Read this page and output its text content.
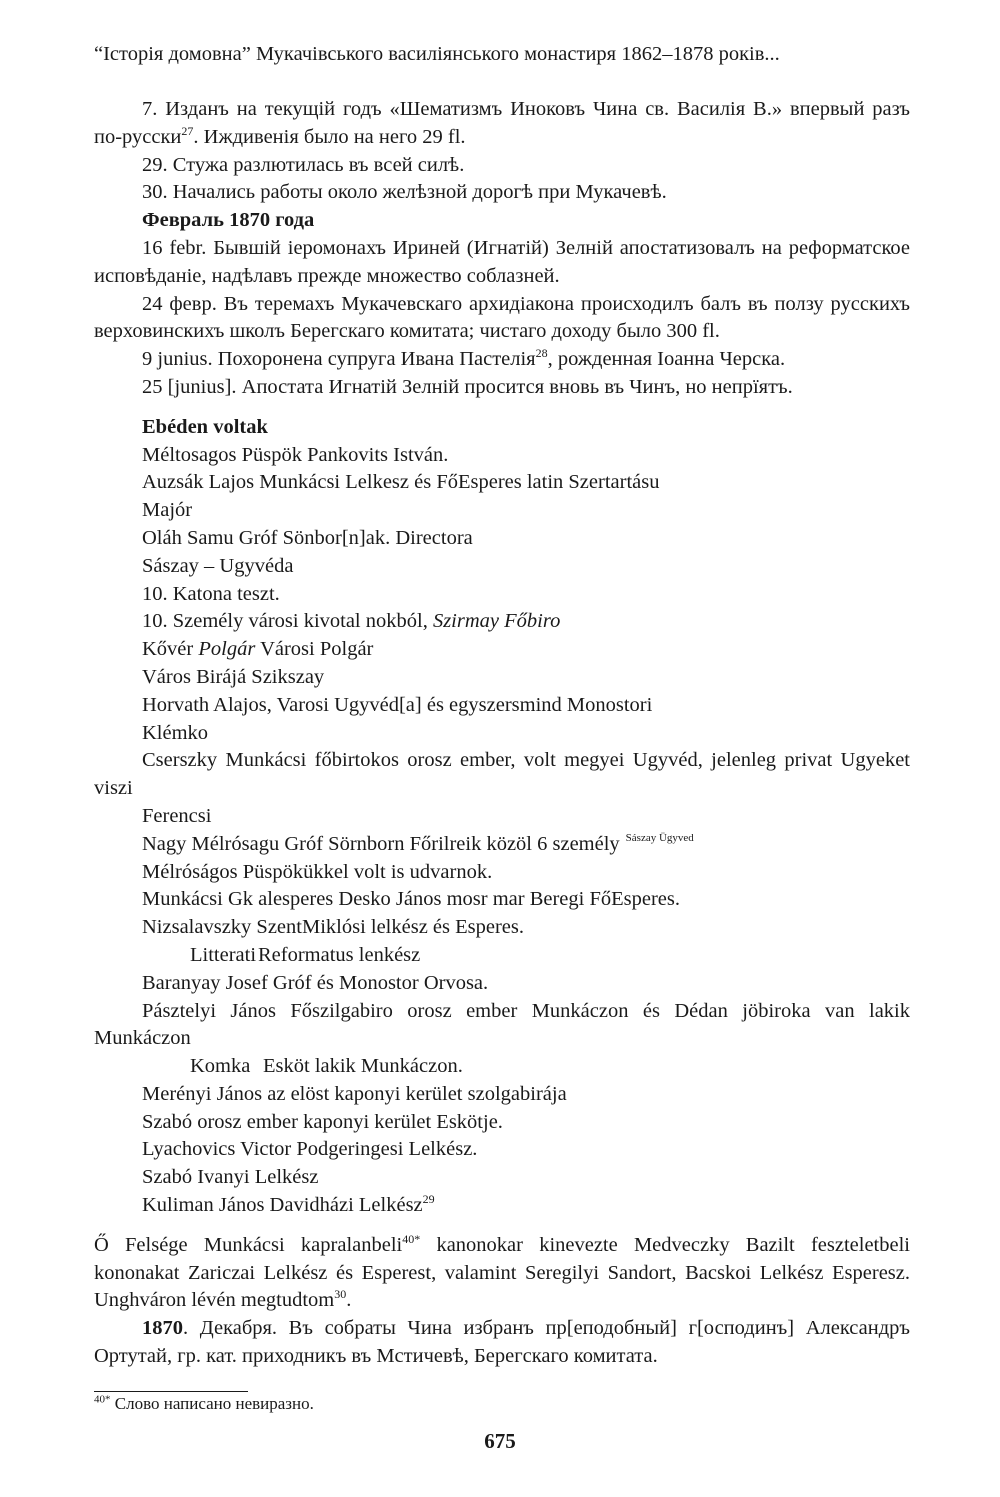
“Історія домовна” Мукачівського василіянського монастиря 1862–1878 років...

7. Изданъ на текущій годъ «Шематизмъ Иноковъ Чина св. Василія В.» впервый разъ по-русски$^{27}$. Иждивенія было на него 29 fl.

29. Стужа разлютилась въ всей силѣ.

30. Начались работы около желѣзной дорогѣ при Мукачевѣ.

Февраль 1870 года

16 febr. Бывшій іеромонахъ Ириней (Игнатій) Зелній апостатизовалъ на реформатское исповѣданіе, надѣлавъ прежде множество соблазней.

24 февр. Въ теремахъ Мукачевскаго архидіакона происходилъ балъ въ ползу русскихъ верховинскихъ школъ Берегскаго комитата; чистаго доходу было 300 fl.

9 junius. Похоронена супруга Ивана Пастелія$^{28}$, рожденная Іоанна Черска.

25 [junius]. Апостата Игнатій Зелній просится вновь въ Чинъ, но непрїятъ.

Ebéden voltak

Méltosagos Püspök Pankovits István.

Auzsák Lajos Munkácsi Lelkesz és FőEsperes latin Szertartásu

Majór

Oláh Samu Gróf Sönbor[n]ak. Directora

Sászay – Ugyvéda

10. Katona teszt.

10. Személy városi kivotal nokból, Szirmay Főbiro

Kővér Polgár Városi Polgár

Város Birájá Szikszay

Horvath Alajos, Varosi Ugyvéd[a] és egyszersmind Monostori

Klémko

Cserszky Munkácsi főbirtokos orosz ember, volt megyei Ugyvéd, jelenleg privat Ugyeket viszi

Ferencsi

Nagy Mélrósagu Gróf Sörnborn Főrilreik közöl 6 személy $^{Sászay Ügyved}$

Mélróságos Püspökükkel volt is udvarnok.

Munkácsi Gk alesperes Desko János mosr mar Beregi FőEsperes.

Nizsalavszky SzentMiklósi lelkész és Esperes.

LitteratiReformatus lenkész

Baranyay Josef Gróf és Monostor Orvosa.

Pásztelyi János Főszilgabiro orosz ember Munkáczon és Dédan jöbiroka van lakik Munkáczon

Komka Esköt lakik Munkáczon.

Merényi János az elöst kaponyi kerület szolgabirája

Szabó orosz ember kaponyi kerület Eskötje.

Lyachovics Victor Podgeringesi Lelkész.

Szabó Ivanyi Lelkész

Kuliman János Davidházi Lelkész$^{29}$

Ő Felsége Munkácsi kapralanbeli$^{40*}$ kanonokar kinevezte Medveczky Bazilt feszteletbeli kononakat Zariczai Lelkész és Esperest, valamint Seregilyi Sandort, Bacskoi Lelkész Esperesz. Unghváron lévén megtudtom$^{30}$.

1870. Декабря. Въ собраты Чина избранъ пр[еподобный] г[осподинъ] Александръ Ортутай, гр. кат. приходникъ въ Мстичевѣ, Берегскаго комитата.

$^{40*}$ Слово написано невиразно.

675
